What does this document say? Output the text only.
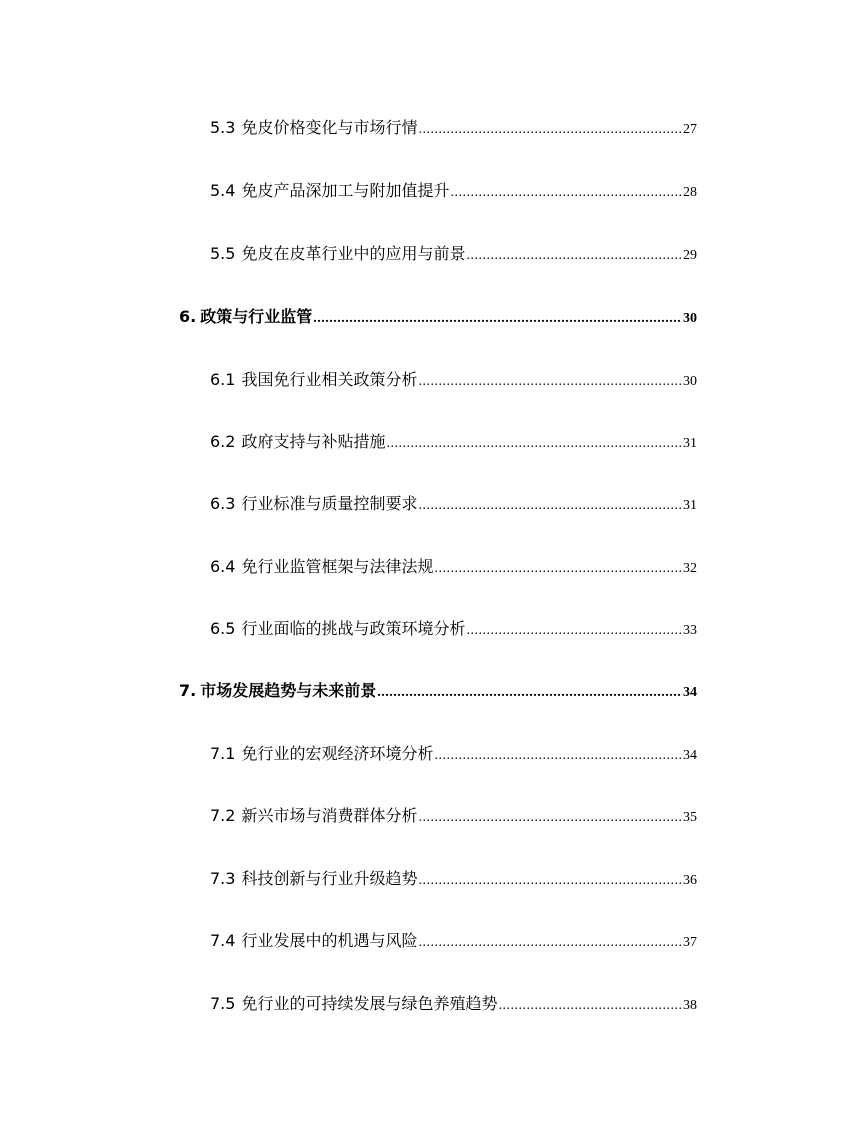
5.3 免皮价格变化与市场行情 .....	27
5.4 免皮产品深加工与附加值提升 .....	28
5.5 免皮在皮革行业中的应用与前景 .....	29
6. 政策与行业监管 .....	30
6.1 我国免行业相关政策分析 .....	30
6.2 政府支持与补贴措施 .....	31
6.3 行业标准与质量控制要求 .....	31
6.4 免行业监管框架与法律法规 .....	32
6.5 行业面临的挑战与政策环境分析 .....	33
7. 市场发展趋势与未来前景 .....	34
7.1 免行业的宏观经济环境分析 .....	34
7.2 新兴市场与消费群体分析 .....	35
7.3 科技创新与行业升级趋势 .....	36
7.4 行业发展中的机遇与风险 .....	37
7.5 免行业的可持续发展与绿色养殖趋势 .....	38
